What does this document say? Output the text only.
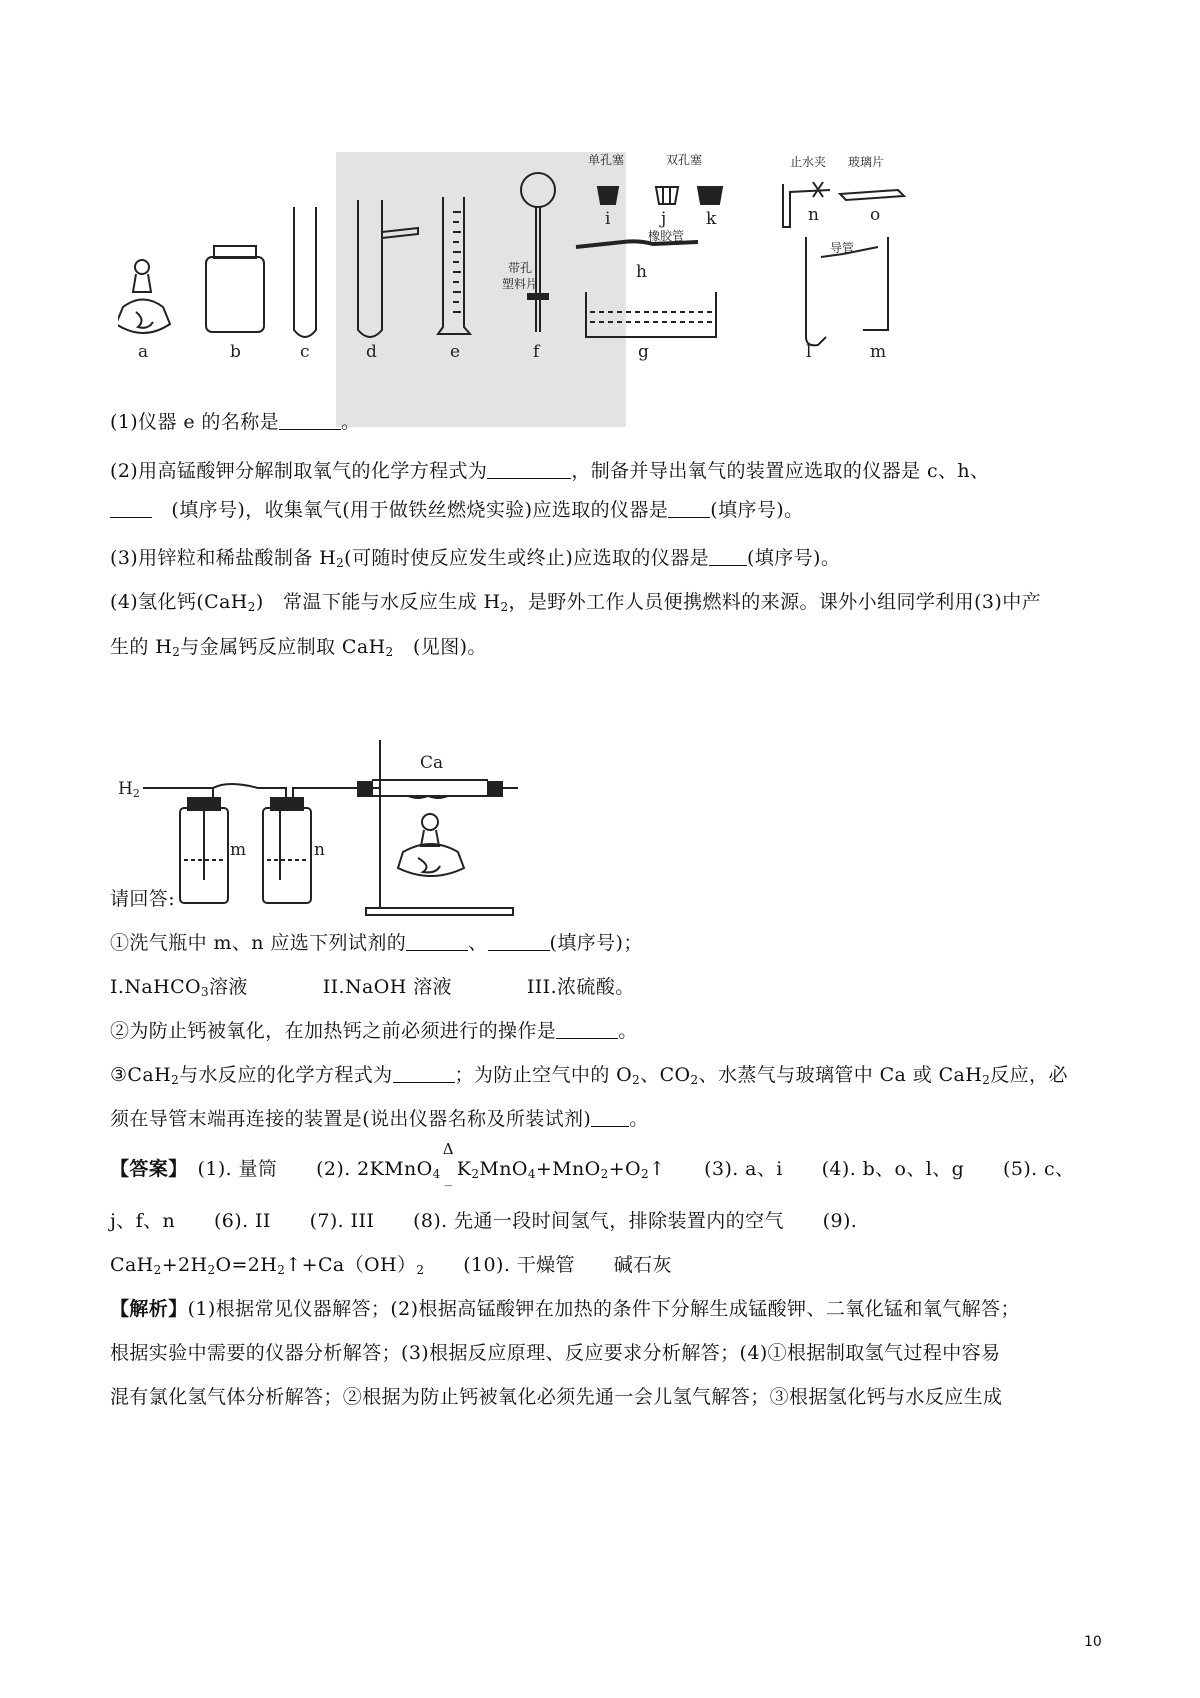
a	b	c	d	e	f	g
h
i	j k
l	m
n	o
单孔塞	双孔塞
橡胶管
带孔
塑料片
导管
止水夹 玻璃片
(1)仪器 e 的名称是	。
(2)用高锰酸钾分解制取氧气的化学方程式为	，制备并导出氧气的装置应选取的仪器是 c、h、
　(填序号)，收集氧气(用于做铁丝燃烧实验)应选取的仪器是 (填序号)。
(3)用锌粒和稀盐酸制备 $H_2$(可随时使反应发生或终止)应选取的仪器是 (填序号)。
(4)氢化钙(CaH$_2$)　常温下能与水反应生成 $H_2$，是野外工作人员便携燃料的来源。课外小组同学利用(3)中产
生的 $H_2$与金属钙反应制取 CaH$_2$　(见图)。
H2
Ca
m	n
请回答:
①洗气瓶中 m、n 应选下列试剂的	、	(填序号)；
I.NaHCO$_3$溶液	II.NaOH 溶液	III.浓硫酸。
②为防止钙被氧化，在加热钙之前必须进行的操作是	。
③CaH$_2$与水反应的化学方程式为	；为防止空气中的 $O_2$、$CO_2$、水蒸气与玻璃管中 Ca 或 CaH$_2$反应，必
须在导管末端再连接的装置是(说出仪器名称及所装试剂) 。
【答案】　 (1). 量筒　　(2). 2KMnO$_4$
Δ
_ $K_2MnO_4+MnO_2+O_2↑$　　(3). a、i　　(4). b、o、l、g　　(5). c、
j、f、n　　(6). II　　(7). III　　(8). 先通一段时间氢气，排除装置内的空气　　(9).
$CaH_2+2H_2O=2H_2↑+Ca(OH)_2$　　(10). 干燥管　　碱石灰
【解析】(1)根据常见仪器解答；(2)根据高锰酸钾在加热的条件下分解生成锰酸钾、二氧化锰和氧气解答；
根据实验中需要的仪器分析解答；(3)根据反应原理、反应要求分析解答；(4)①根据制取氢气过程中容易
混有氯化氢气体分析解答；②根据为防止钙被氧化必须先通一会儿氢气解答；③根据氢化钙与水反应生成
10
